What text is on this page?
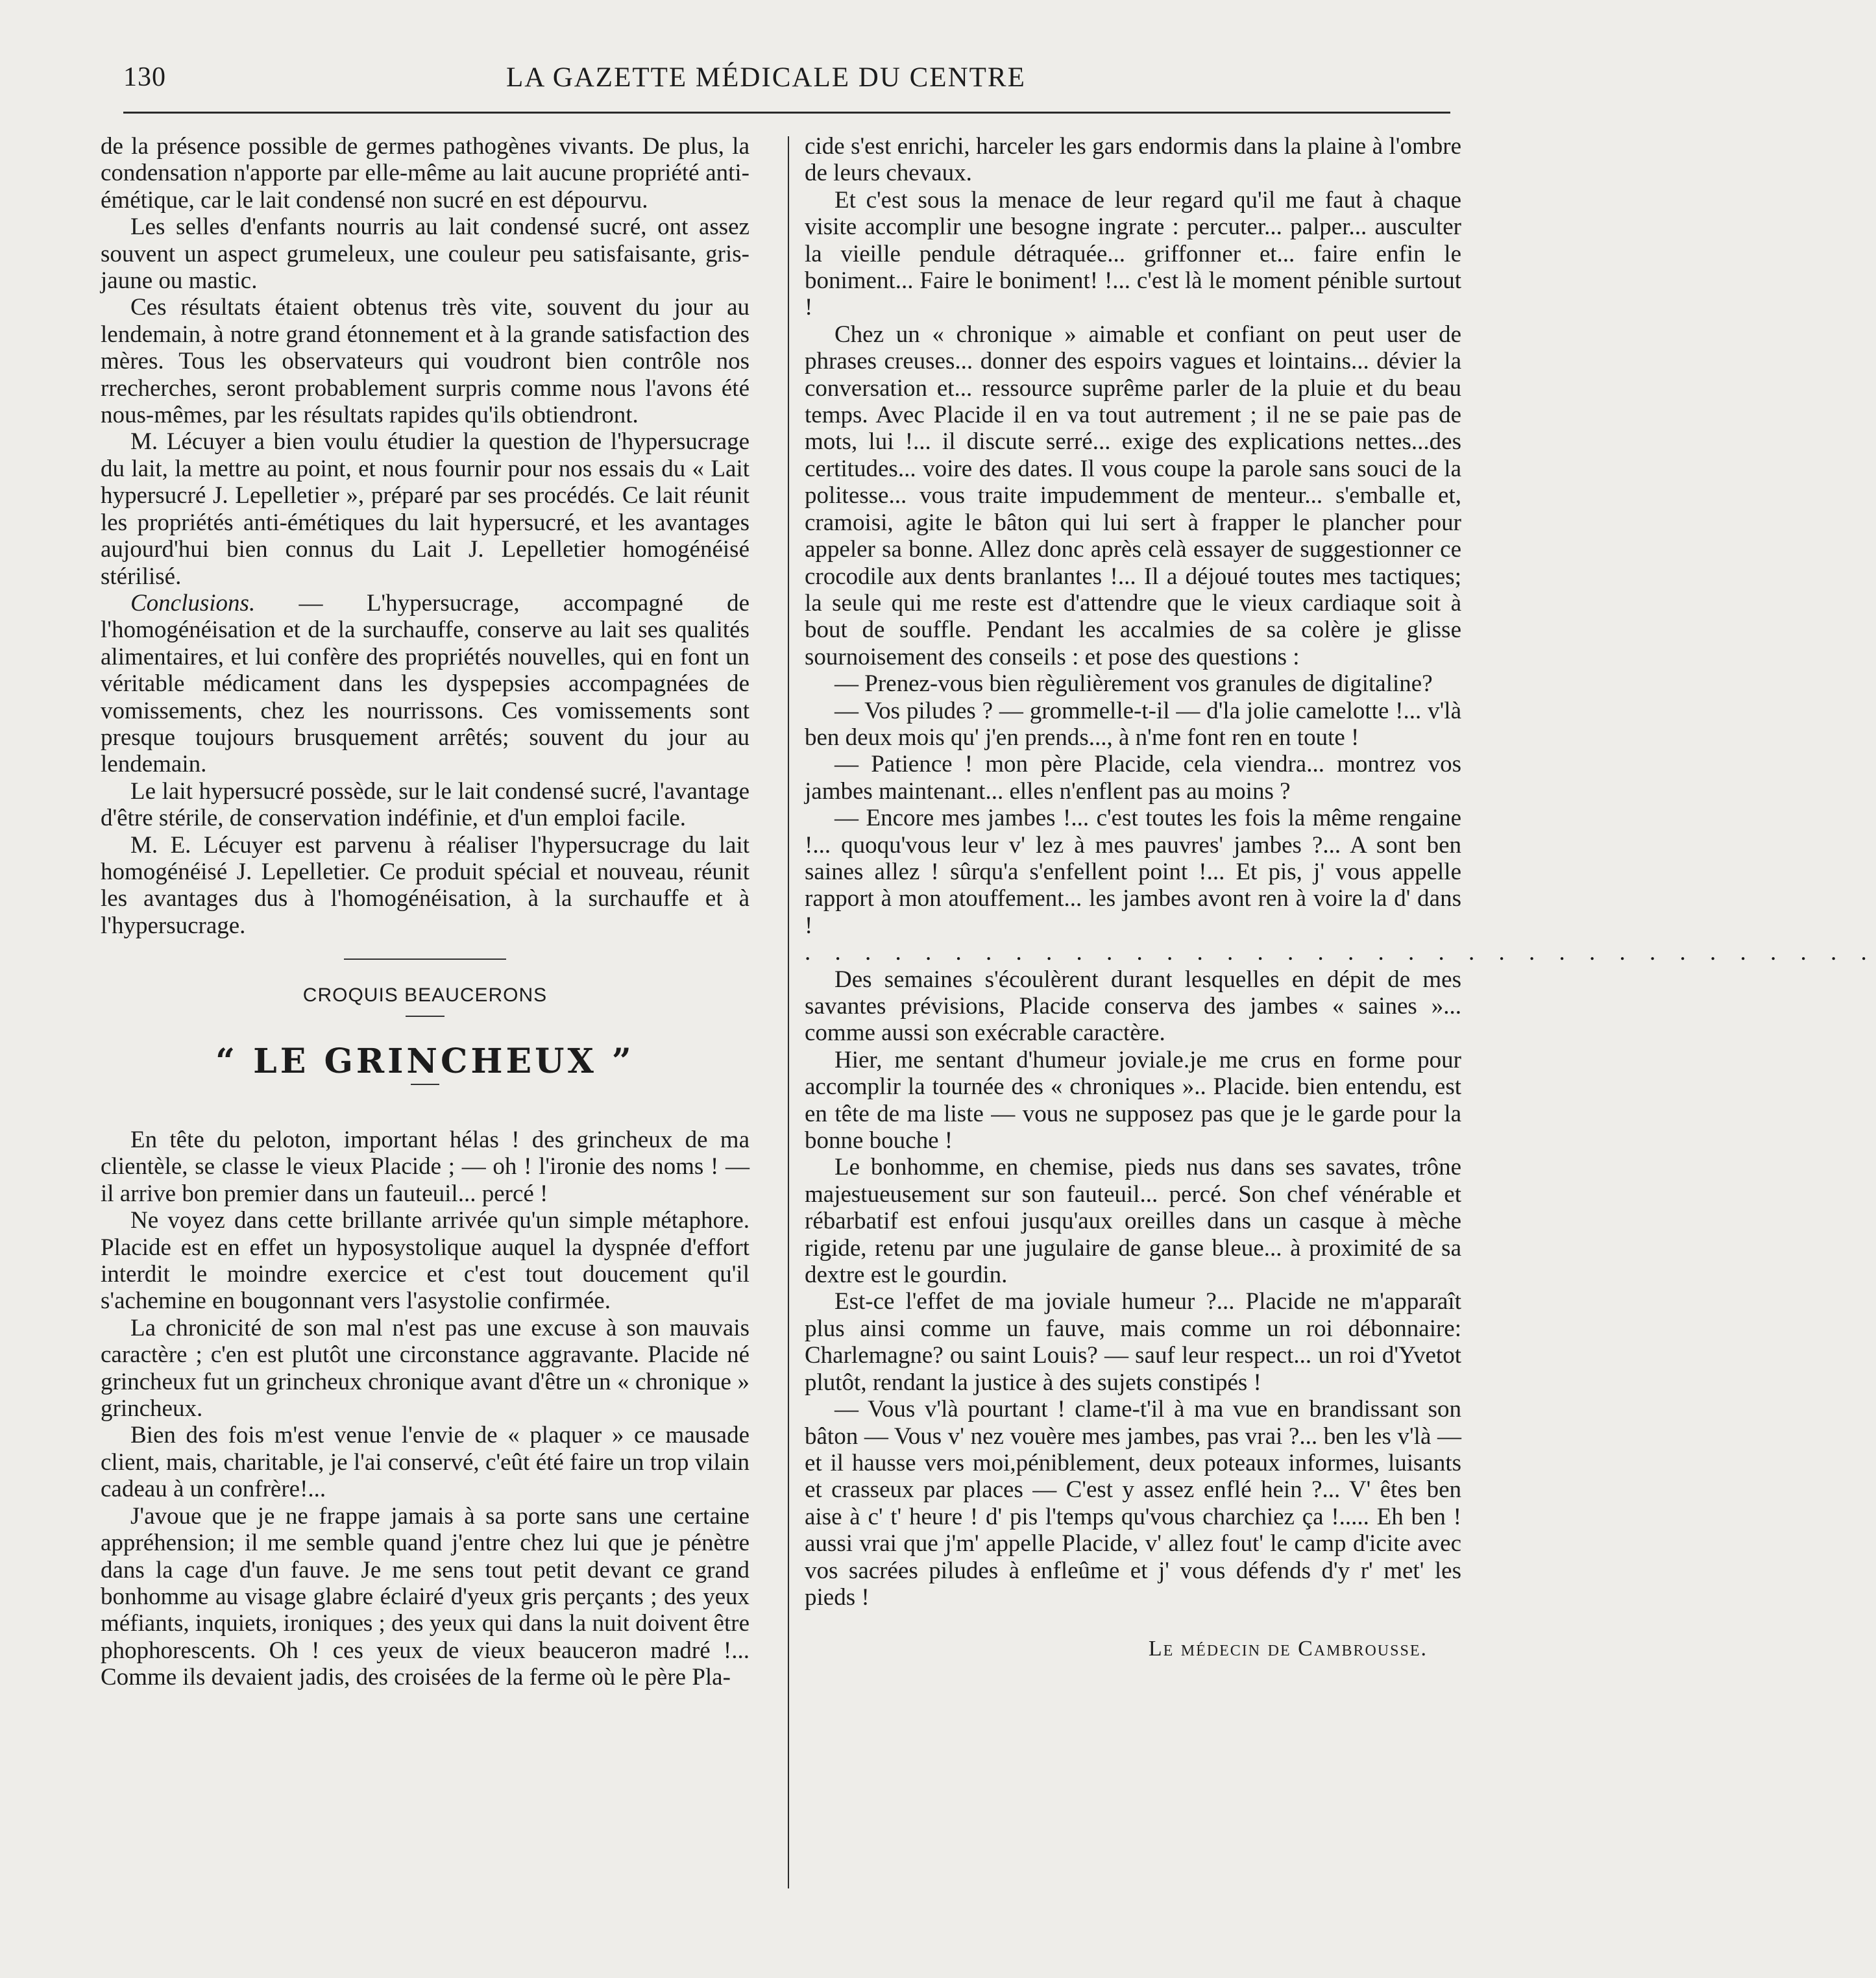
130	LA GAZETTE MÉDICALE DU CENTRE

de la présence possible de germes pathogènes vivants. De plus, la condensation n'apporte par elle-même au lait aucune propriété anti-émétique, car le lait condensé non sucré en est dépourvu.

Les selles d'enfants nourris au lait condensé sucré, ont assez souvent un aspect grumeleux, une couleur peu satisfaisante, gris-jaune ou mastic.

Ces résultats étaient obtenus très vite, souvent du jour au lendemain, à notre grand étonnement et à la grande satisfaction des mères. Tous les observateurs qui voudront bien contrôle nos rrecherches, seront probablement surpris comme nous l'avons été nous-mêmes, par les résultats rapides qu'ils obtiendront.

M. Lécuyer a bien voulu étudier la question de l'hypersucrage du lait, la mettre au point, et nous fournir pour nos essais du « Lait hypersucré J. Lepelletier », préparé par ses procédés. Ce lait réunit les propriétés anti-émétiques du lait hypersucré, et les avantages aujourd'hui bien connus du Lait J. Lepelletier homogénéisé stérilisé.

Conclusions. — L'hypersucrage, accompagné de l'homogénéisation et de la surchauffe, conserve au lait ses qualités alimentaires, et lui confère des propriétés nouvelles, qui en font un véritable médicament dans les dyspepsies accompagnées de vomissements, chez les nourrissons. Ces vomissements sont presque toujours brusquement arrêtés; souvent du jour au lendemain.

Le lait hypersucré possède, sur le lait condensé sucré, l'avantage d'être stérile, de conservation indéfinie, et d'un emploi facile.

M. E. Lécuyer est parvenu à réaliser l'hypersucrage du lait homogénéisé J. Lepelletier. Ce produit spécial et nouveau, réunit les avantages dus à l'homogénéisation, à la surchauffe et à l'hypersucrage.

CROQUIS BEAUCERONS
“ LE GRINCHEUX ”

En tête du peloton, important hélas ! des grincheux de ma clientèle, se classe le vieux Placide ; — oh ! l'ironie des noms ! — il arrive bon premier dans un fauteuil... percé !

Ne voyez dans cette brillante arrivée qu'un simple métaphore. Placide est en effet un hyposystolique auquel la dyspnée d'effort interdit le moindre exercice et c'est tout doucement qu'il s'achemine en bougonnant vers l'asystolie confirmée.

La chronicité de son mal n'est pas une excuse à son mauvais caractère ; c'en est plutôt une circonstance aggravante. Placide né grincheux fut un grincheux chronique avant d'être un « chronique » grincheux.

Bien des fois m'est venue l'envie de « plaquer » ce mausade client, mais, charitable, je l'ai conservé, c'eût été faire un trop vilain cadeau à un confrère!...

J'avoue que je ne frappe jamais à sa porte sans une certaine appréhension; il me semble quand j'entre chez lui que je pénètre dans la cage d'un fauve. Je me sens tout petit devant ce grand bonhomme au visage glabre éclairé d'yeux gris perçants ; des yeux méfiants, inquiets, ironiques ; des yeux qui dans la nuit doivent être phophorescents. Oh ! ces yeux de vieux beauceron madré !... Comme ils devaient jadis, des croisées de la ferme où le père Pla-

cide s'est enrichi, harceler les gars endormis dans la plaine à l'ombre de leurs chevaux.

Et c'est sous la menace de leur regard qu'il me faut à chaque visite accomplir une besogne ingrate : percuter... palper... ausculter la vieille pendule détraquée... griffonner et... faire enfin le boniment... Faire le boniment! !... c'est là le moment pénible surtout !

Chez un « chronique » aimable et confiant on peut user de phrases creuses... donner des espoirs vagues et lointains... dévier la conversation et... ressource suprême parler de la pluie et du beau temps. Avec Placide il en va tout autrement ; il ne se paie pas de mots, lui !... il discute serré... exige des explications nettes...des certitudes... voire des dates. Il vous coupe la parole sans souci de la politesse... vous traite impudemment de menteur... s'emballe et, cramoisi, agite le bâton qui lui sert à frapper le plancher pour appeler sa bonne. Allez donc après celà essayer de suggestionner ce crocodile aux dents branlantes !... Il a déjoué toutes mes tactiques; la seule qui me reste est d'attendre que le vieux cardiaque soit à bout de souffle. Pendant les accalmies de sa colère je glisse sournoisement des conseils : et pose des questions :

— Prenez-vous bien règulièrement vos granules de digitaline?

— Vos piludes ? — grommelle-t-il — d'la jolie camelotte !... v'là ben deux mois qu' j'en prends..., à n'me font ren en toute !

— Patience ! mon père Placide, cela viendra... montrez vos jambes maintenant... elles n'enflent pas au moins ?

— Encore mes jambes !... c'est toutes les fois la même rengaine !... quoqu'vous leur v' lez à mes pauvres' jambes ?... A sont ben saines allez ! sûrqu'a s'enfellent point !... Et pis, j' vous appelle rapport à mon atouffement... les jambes avont ren à voire la d' dans !

. . . . . . . . . . . . . . . . . . . . . . . . . . . . . . . . . . . .

Des semaines s'écoulèrent durant lesquelles en dépit de mes savantes prévisions, Placide conserva des jambes « saines »... comme aussi son exécrable caractère.

Hier, me sentant d'humeur joviale.je me crus en forme pour accomplir la tournée des « chroniques ».. Placide. bien entendu, est en tête de ma liste — vous ne supposez pas que je le garde pour la bonne bouche !

Le bonhomme, en chemise, pieds nus dans ses savates, trône majestueusement sur son fauteuil... percé. Son chef vénérable et rébarbatif est enfoui jusqu'aux oreilles dans un casque à mèche rigide, retenu par une jugulaire de ganse bleue... à proximité de sa dextre est le gourdin.

Est-ce l'effet de ma joviale humeur ?... Placide ne m'apparaît plus ainsi comme un fauve, mais comme un roi débonnaire: Charlemagne? ou saint Louis? — sauf leur respect... un roi d'Yvetot plutôt, rendant la justice à des sujets constipés !

— Vous v'là pourtant ! clame-t'il à ma vue en brandissant son bâton — Vous v' nez vouère mes jambes, pas vrai ?... ben les v'là — et il hausse vers moi,péniblement, deux poteaux informes, luisants et crasseux par places — C'est y assez enflé hein ?... V' êtes ben aise à c' t' heure ! d' pis l'temps qu'vous charchiez ça !..... Eh ben ! aussi vrai que j'm' appelle Placide, v' allez fout' le camp d'icite avec vos sacrées piludes à enfleûme et j' vous défends d'y r' met' les pieds !

Le médecin de Cambrousse.
